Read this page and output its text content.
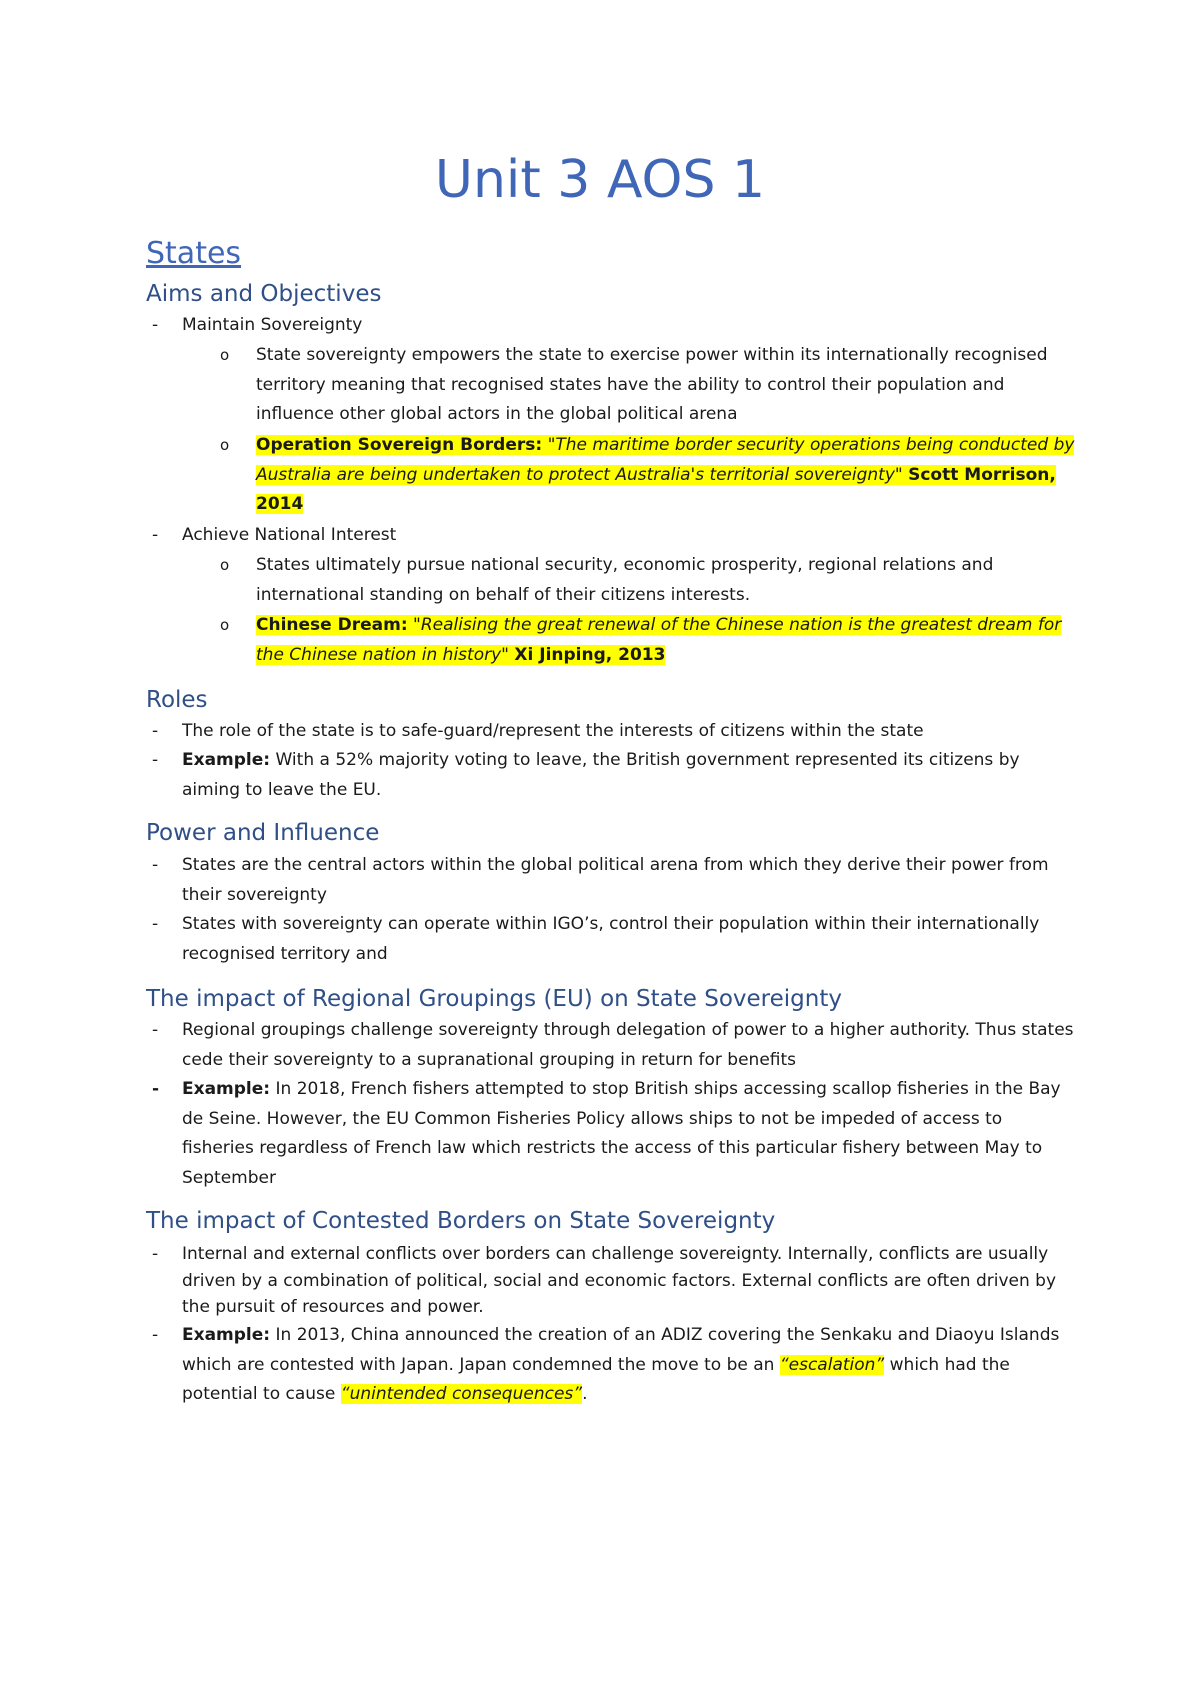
Unit 3 AOS 1
States
Aims and Objectives
- Maintain Sovereignty
o State sovereignty empowers the state to exercise power within its internationally recognised territory meaning that recognised states have the ability to control their population and influence other global actors in the global political arena
o Operation Sovereign Borders: "The maritime border security operations being conducted by Australia are being undertaken to protect Australia's territorial sovereignty" Scott Morrison, 2014
- Achieve National Interest
o States ultimately pursue national security, economic prosperity, regional relations and international standing on behalf of their citizens interests.
o Chinese Dream: "Realising the great renewal of the Chinese nation is the greatest dream for the Chinese nation in history" Xi Jinping, 2013
Roles
- The role of the state is to safe-guard/represent the interests of citizens within the state
- Example: With a 52% majority voting to leave, the British government represented its citizens by aiming to leave the EU.
Power and Influence
- States are the central actors within the global political arena from which they derive their power from their sovereignty
- States with sovereignty can operate within IGO’s, control their population within their internationally recognised territory and
The impact of Regional Groupings (EU) on State Sovereignty
- Regional groupings challenge sovereignty through delegation of power to a higher authority. Thus states cede their sovereignty to a supranational grouping in return for benefits
- Example: In 2018, French fishers attempted to stop British ships accessing scallop fisheries in the Bay de Seine. However, the EU Common Fisheries Policy allows ships to not be impeded of access to fisheries regardless of French law which restricts the access of this particular fishery between May to September
The impact of Contested Borders on State Sovereignty
- Internal and external conflicts over borders can challenge sovereignty. Internally, conflicts are usually driven by a combination of political, social and economic factors. External conflicts are often driven by the pursuit of resources and power.
- Example: In 2013, China announced the creation of an ADIZ covering the Senkaku and Diaoyu Islands which are contested with Japan. Japan condemned the move to be an “escalation” which had the potential to cause “unintended consequences”.
